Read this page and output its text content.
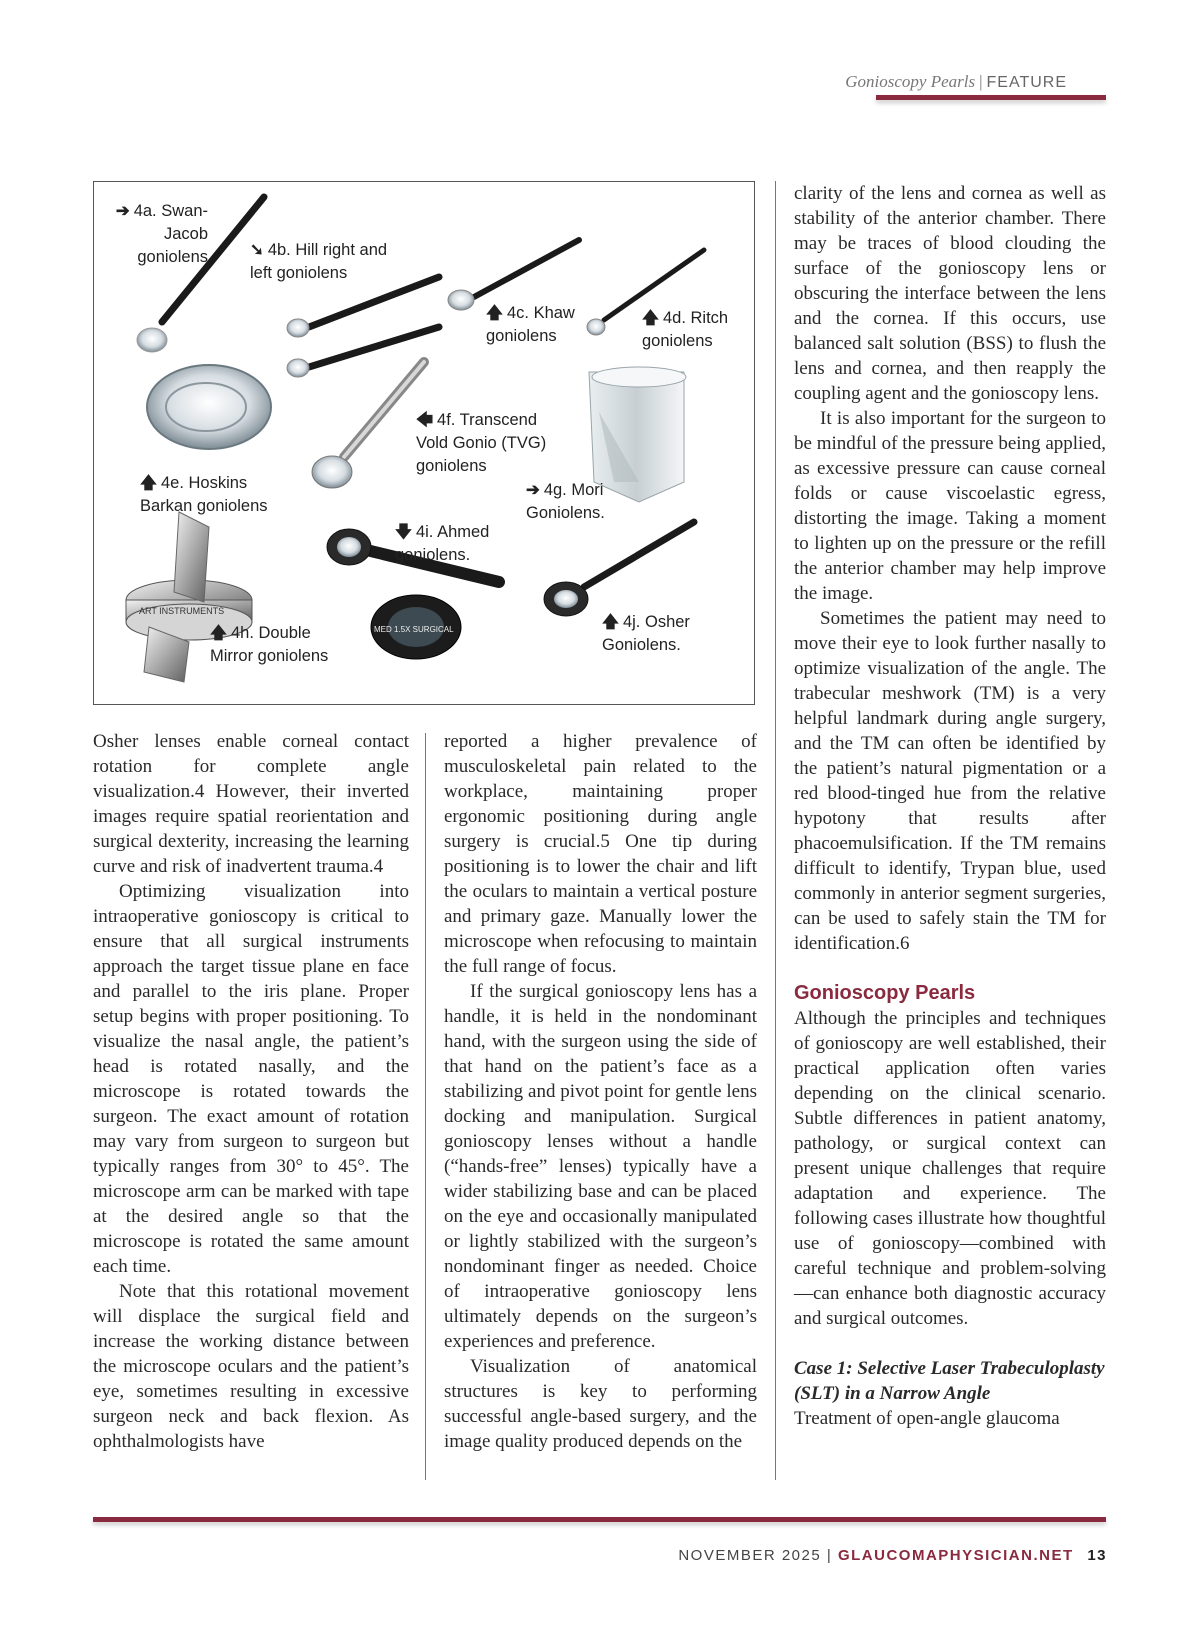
Gonioscopy Pearls | FEATURE
ART INSTRUMENTS
MED 1.5X SURGICAL
➔ 4a. Swan-Jacob goniolens	➘ 4b. Hill right and left goniolens
🡅 4c. Khaw goniolens
🡅 4d. Ritch goniolens
🡅 4e. Hoskins Barkan goniolens
🡄 4f. Transcend Vold Gonio (TVG) goniolens
➔ 4g. Mori Goniolens.
🡇 4i. Ahmed goniolens.
🡅 4h. Double Mirror goniolens
🡅 4j. Osher Goniolens.

Osher lenses enable corneal contact rotation for complete angle visualization.4 However, their inverted images require spatial reorientation and surgical dexterity, increasing the learning curve and risk of inadvertent trauma.4

Optimizing visualization into intraoperative gonioscopy is critical to ensure that all surgical instruments approach the target tissue plane en face and parallel to the iris plane. Proper setup begins with proper positioning. To visualize the nasal angle, the patient’s head is rotated nasally, and the microscope is rotated towards the surgeon. The exact amount of rotation may vary from surgeon to surgeon but typically ranges from 30° to 45°. The microscope arm can be marked with tape at the desired angle so that the microscope is rotated the same amount each time.

Note that this rotational movement will displace the surgical field and increase the working distance between the microscope oculars and the patient’s eye, sometimes resulting in excessive surgeon neck and back flexion. As ophthalmologists have

reported a higher prevalence of musculoskeletal pain related to the workplace, maintaining proper ergonomic positioning during angle surgery is crucial.5 One tip during positioning is to lower the chair and lift the oculars to maintain a vertical posture and primary gaze. Manually lower the microscope when refocusing to maintain the full range of focus.

If the surgical gonioscopy lens has a handle, it is held in the nondominant hand, with the surgeon using the side of that hand on the patient’s face as a stabilizing and pivot point for gentle lens docking and manipulation. Surgical gonioscopy lenses without a handle (“hands-free” lenses) typically have a wider stabilizing base and can be placed on the eye and occasionally manipulated or lightly stabilized with the surgeon’s nondominant finger as needed. Choice of intraoperative gonioscopy lens ultimately depends on the surgeon’s experiences and preference.

Visualization of anatomical structures is key to performing successful angle-based surgery, and the image quality produced depends on the

clarity of the lens and cornea as well as stability of the anterior chamber. There may be traces of blood clouding the surface of the gonioscopy lens or obscuring the interface between the lens and the cornea. If this occurs, use balanced salt solution (BSS) to flush the lens and cornea, and then reapply the coupling agent and the gonioscopy lens.

It is also important for the surgeon to be mindful of the pressure being applied, as excessive pressure can cause corneal folds or cause viscoelastic egress, distorting the image. Taking a moment to lighten up on the pressure or the refill the anterior chamber may help improve the image.

Sometimes the patient may need to move their eye to look further nasally to optimize visualization of the angle. The trabecular meshwork (TM) is a very helpful landmark during angle surgery, and the TM can often be identified by the patient’s natural pigmentation or a red blood-tinged hue from the relative hypotony that results after phacoemulsification. If the TM remains difficult to identify, Trypan blue, used commonly in anterior segment surgeries, can be used to safely stain the TM for identification.6

Gonioscopy Pearls

Although the principles and techniques of gonioscopy are well established, their practical application often varies depending on the clinical scenario. Subtle differences in patient anatomy, pathology, or surgical context can present unique challenges that require adaptation and experience. The following cases illustrate how thoughtful use of gonioscopy—combined with careful technique and problem-solving—can enhance both diagnostic accuracy and surgical outcomes.

Case 1: Selective Laser Trabeculoplasty (SLT) in a Narrow Angle

Treatment of open-angle glaucoma

NOVEMBER 2025 | GLAUCOMAPHYSICIAN.NET 13
